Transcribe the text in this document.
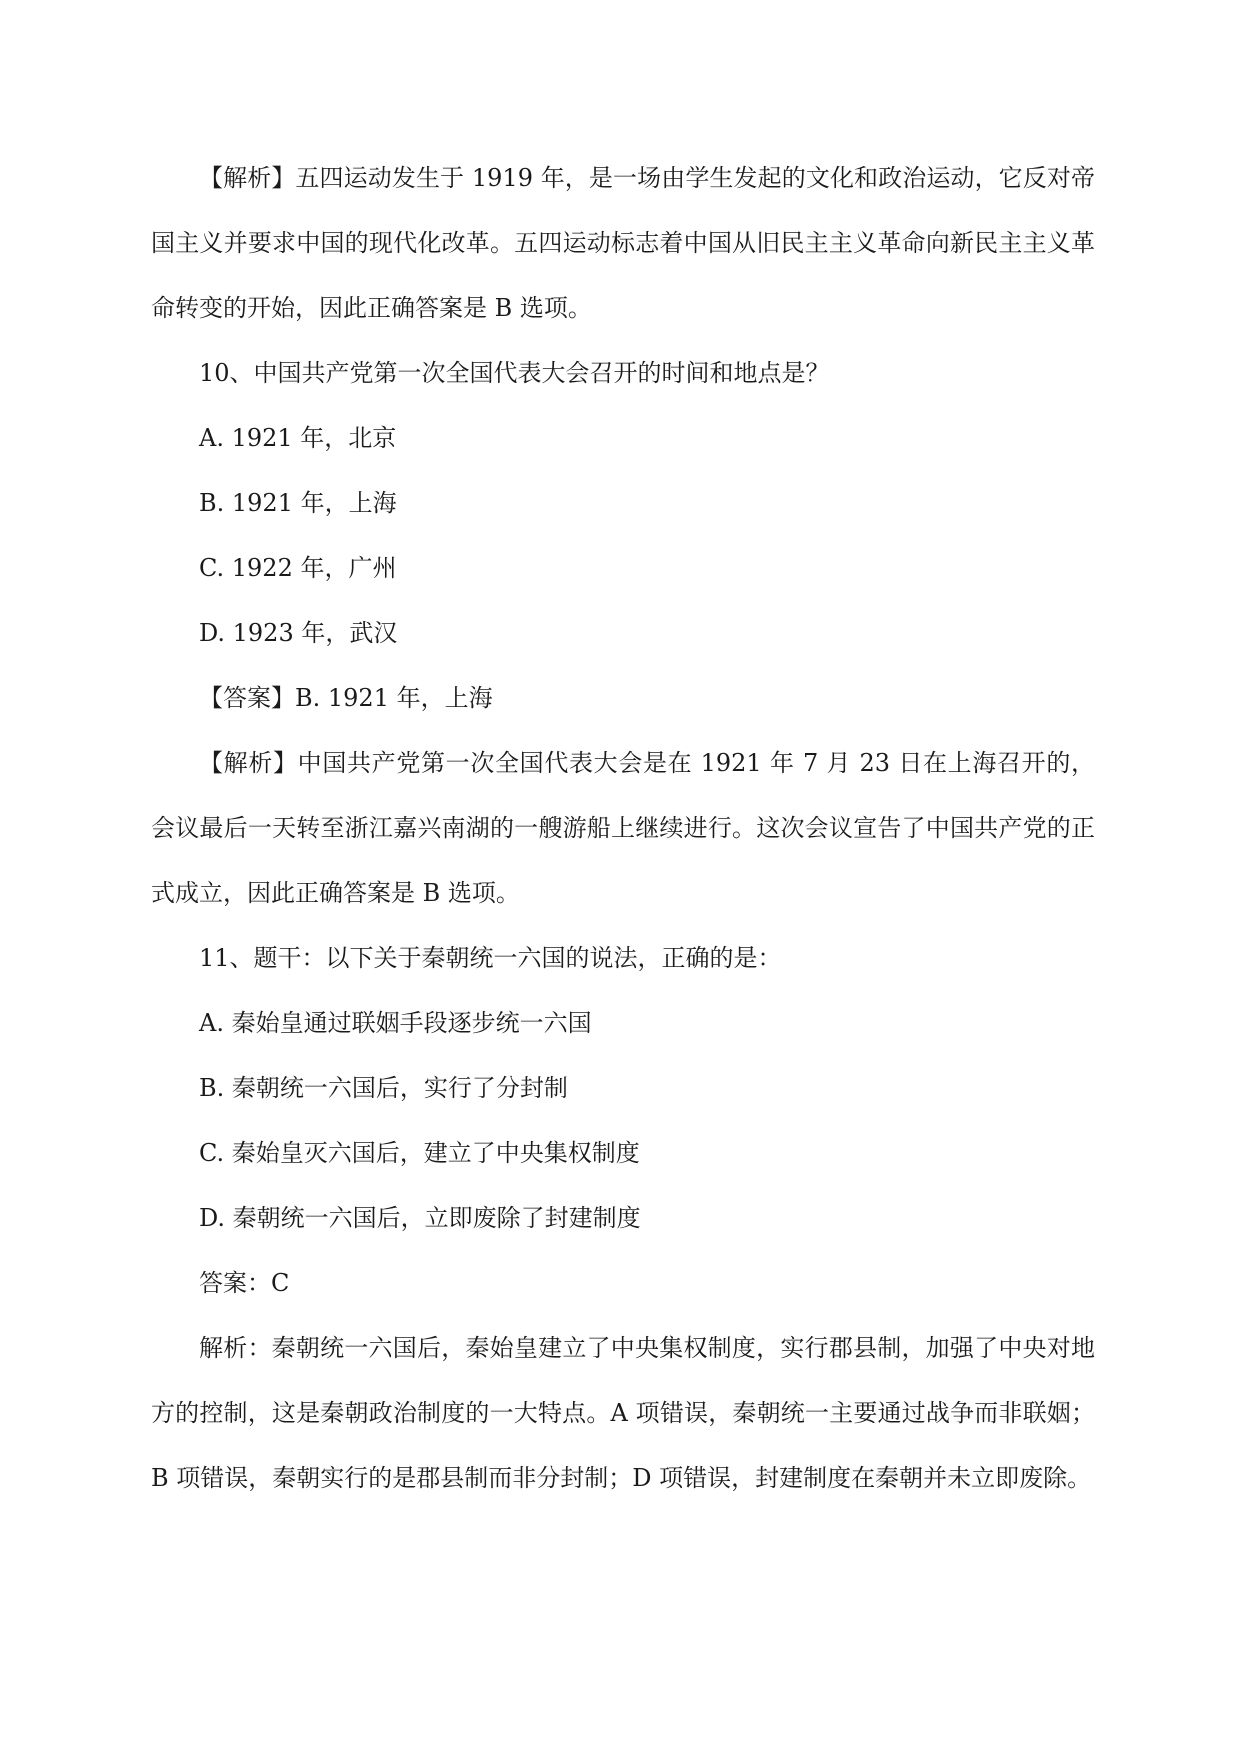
【解析】五四运动发生于 1919 年，是一场由学生发起的文化和政治运动，它反对帝国主义并要求中国的现代化改革。五四运动标志着中国从旧民主主义革命向新民主主义革命转变的开始，因此正确答案是 B 选项。

10、中国共产党第一次全国代表大会召开的时间和地点是？

A. 1921 年，北京

B. 1921 年，上海

C. 1922 年，广州

D. 1923 年，武汉

【答案】B. 1921 年，上海

【解析】中国共产党第一次全国代表大会是在 1921 年 7 月 23 日在上海召开的，会议最后一天转至浙江嘉兴南湖的一艘游船上继续进行。这次会议宣告了中国共产党的正式成立，因此正确答案是 B 选项。

11、题干：以下关于秦朝统一六国的说法，正确的是：

A. 秦始皇通过联姻手段逐步统一六国

B. 秦朝统一六国后，实行了分封制

C. 秦始皇灭六国后，建立了中央集权制度

D. 秦朝统一六国后，立即废除了封建制度

答案：C

解析：秦朝统一六国后，秦始皇建立了中央集权制度，实行郡县制，加强了中央对地方的控制，这是秦朝政治制度的一大特点。A 项错误，秦朝统一主要通过战争而非联姻；B 项错误，秦朝实行的是郡县制而非分封制；D 项错误，封建制度在秦朝并未立即废除。
